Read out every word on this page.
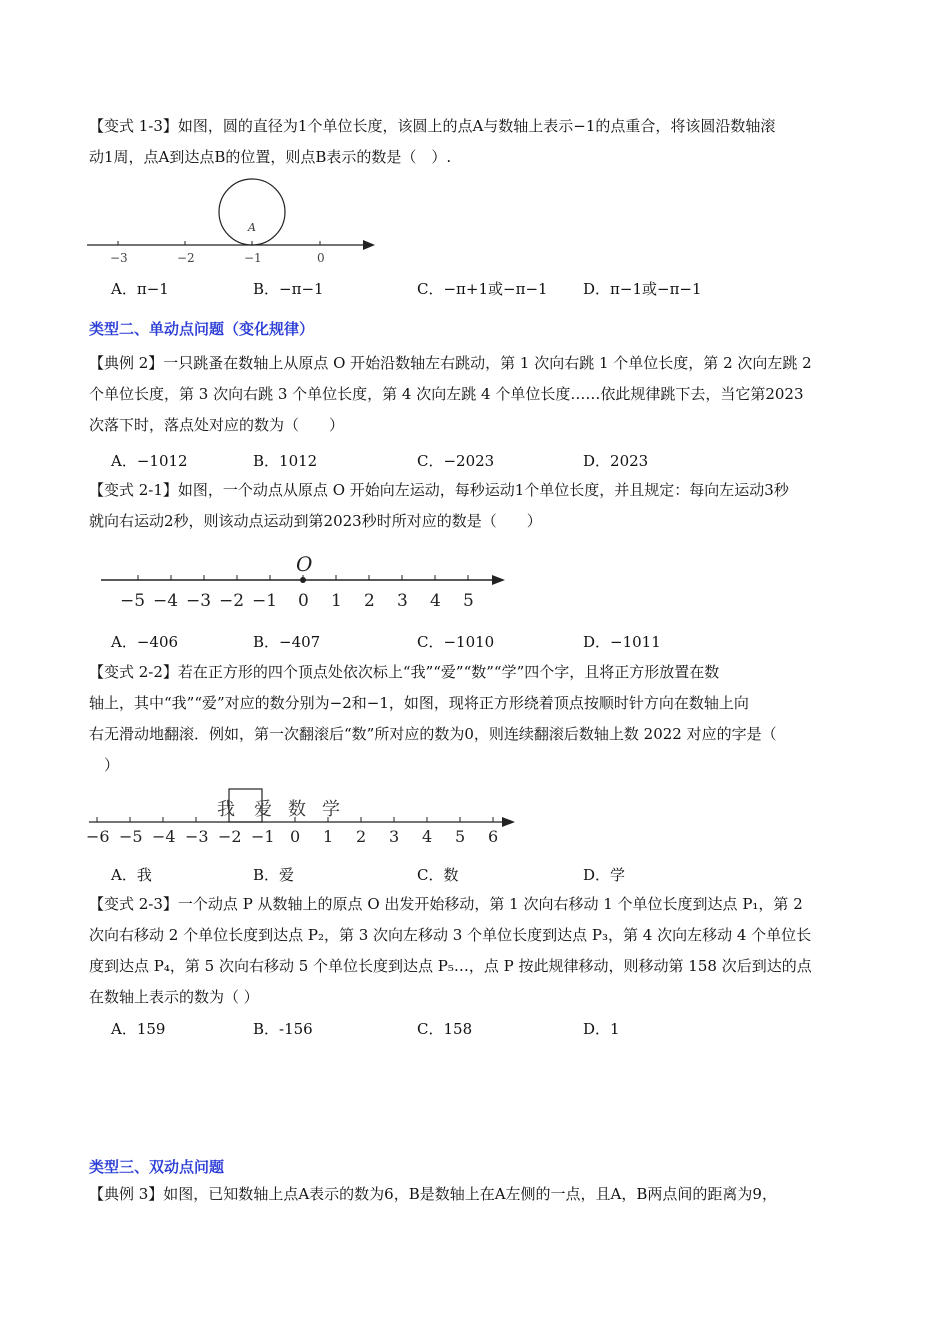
【变式 1-3】如图，圆的直径为1个单位长度，该圆上的点A与数轴上表示−1的点重合，将该圆沿数轴滚

动1周，点A到达点B的位置，则点B表示的数是（　）.

A
−3	−2	−1	0
A．π−1	B．−π−1	C．−π+1或−π−1 D．π−1或−π−1
类型二、单动点问题（变化规律）

【典例 2】一只跳蚤在数轴上从原点 O 开始沿数轴左右跳动，第 1 次向右跳 1 个单位长度，第 2 次向左跳 2

个单位长度，第 3 次向右跳 3 个单位长度，第 4 次向左跳 4 个单位长度……依此规律跳下去，当它第2023

次落下时，落点处对应的数为（　　）

A．−1012	B．1012	C．−2023	D．2023

【变式 2-1】如图，一个动点从原点 O 开始向左运动，每秒运动1个单位长度，并且规定：每向左运动3秒

就向右运动2秒，则该动点运动到第2023秒时所对应的数是（　　）

O
−5 −4 −3 −2 −1 0 1 2 3 4 5
A．−406	B．−407	C．−1010	D．−1011

【变式 2-2】若在正方形的四个顶点处依次标上“我”“爱”“数”“学”四个字，且将正方形放置在数

轴上，其中“我”“爱”对应的数分别为−2和−1，如图，现将正方形绕着顶点按顺时针方向在数轴上向

右无滑动地翻滚．例如，第一次翻滚后“数”所对应的数为0，则连续翻滚后数轴上数 2022 对应的字是（

　）

我 爱 数 学
−6 −5 −4 −3 −2 −1 0 1 2 3 4 5 6
A．我	B．爱	C．数	D．学

【变式 2-3】一个动点 P 从数轴上的原点 O 出发开始移动，第 1 次向右移动 1 个单位长度到达点 P₁，第 2

次向右移动 2 个单位长度到达点 P₂，第 3 次向左移动 3 个单位长度到达点 P₃，第 4 次向左移动 4 个单位长

度到达点 P₄，第 5 次向右移动 5 个单位长度到达点 P₅…，点 P 按此规律移动，则移动第 158 次后到达的点

在数轴上表示的数为（ ）

A．159	B．-156	C．158	D．1
类型三、双动点问题

【典例 3】如图，已知数轴上点A表示的数为6，B是数轴上在A左侧的一点，且A，B两点间的距离为9，
